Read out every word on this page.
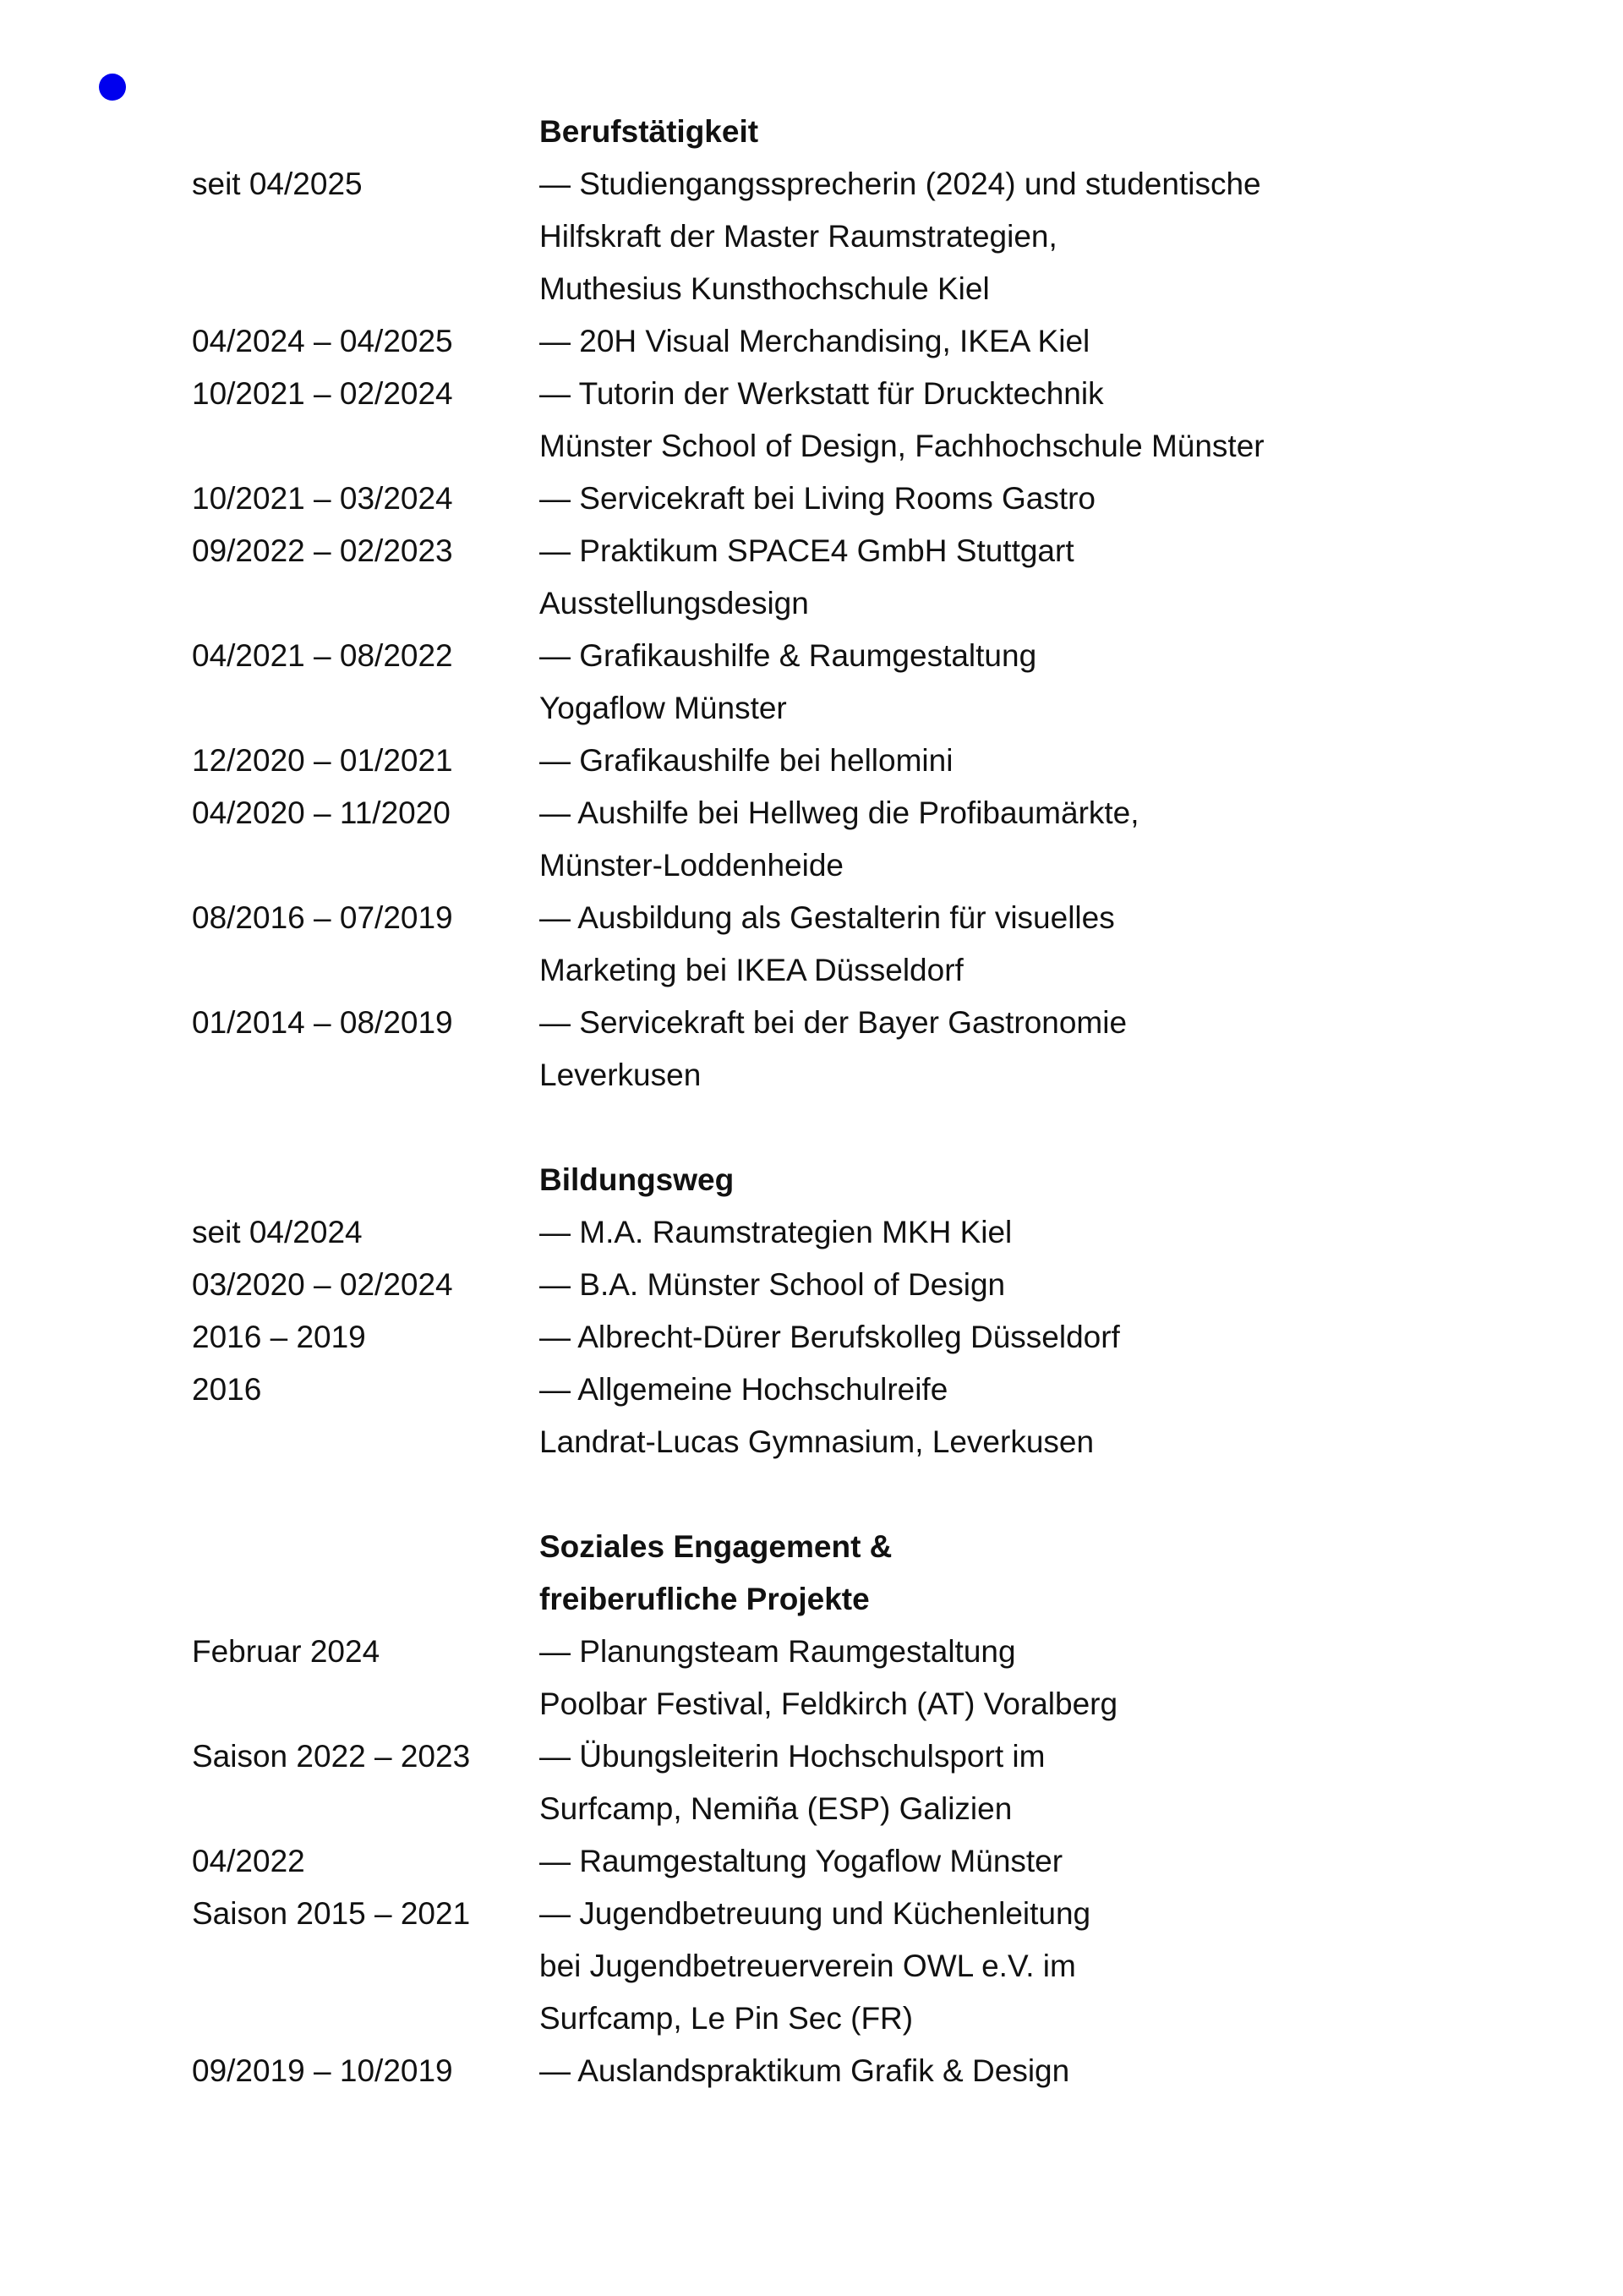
Berufstätigkeit
seit 04/2025	— Studiengangssprecherin (2024) und studentische
Hilfskraft der Master Raumstrategien,
Muthesius Kunsthochschule Kiel
04/2024 – 04/2025	— 20H Visual Merchandising, IKEA Kiel
10/2021 – 02/2024	— Tutorin der Werkstatt für Drucktechnik
Münster School of Design, Fachhochschule Münster
10/2021 – 03/2024	— Servicekraft bei Living Rooms Gastro
09/2022 – 02/2023	— Praktikum SPACE4 GmbH Stuttgart
Ausstellungsdesign
04/2021 – 08/2022	— Grafikaushilfe & Raumgestaltung
Yogaflow Münster
12/2020 – 01/2021	— Grafikaushilfe bei hellomini
04/2020 – 11/2020	— Aushilfe bei Hellweg die Profibaumärkte,
Münster-Loddenheide
08/2016 – 07/2019	— Ausbildung als Gestalterin für visuelles
Marketing bei IKEA Düsseldorf
01/2014 – 08/2019	— Servicekraft bei der Bayer Gastronomie
Leverkusen
Bildungsweg
seit 04/2024	— M.A. Raumstrategien MKH Kiel
03/2020 – 02/2024	— B.A. Münster School of Design
2016 – 2019	— Albrecht-Dürer Berufskolleg Düsseldorf
2016	— Allgemeine Hochschulreife
Landrat-Lucas Gymnasium, Leverkusen
Soziales Engagement &
freiberufliche Projekte
Februar 2024	— Planungsteam Raumgestaltung
Poolbar Festival, Feldkirch (AT) Voralberg
Saison 2022 – 2023	— Übungsleiterin Hochschulsport im
Surfcamp, Nemiña (ESP) Galizien
04/2022	— Raumgestaltung Yogaflow Münster
Saison 2015 – 2021	— Jugendbetreuung und Küchenleitung
bei Jugendbetreuerverein OWL e.V. im
Surfcamp, Le Pin Sec (FR)
09/2019 – 10/2019	— Auslandspraktikum Grafik & Design
